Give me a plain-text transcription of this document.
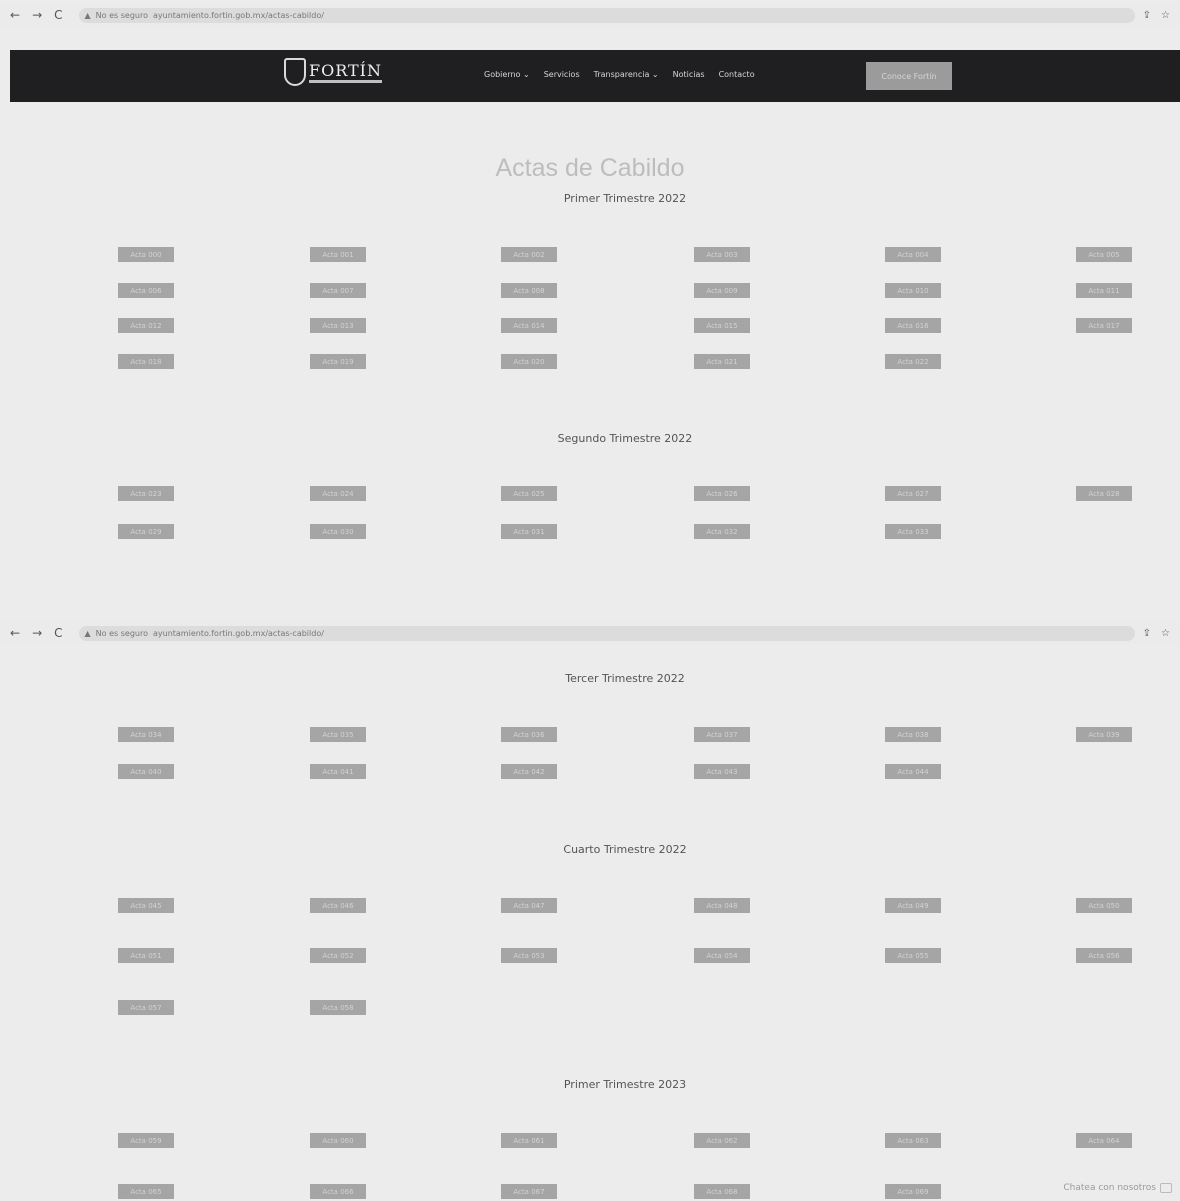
← → C	▲ No es seguro ayuntamiento.fortin.gob.mx/actas-cabildo/	⇪ ☆
FORTÍN	Gobierno ⌄ Servicios Transparencia ⌄ Noticias Contacto	Conoce Fortín
Actas de Cabildo
← → C	▲ No es seguro ayuntamiento.fortin.gob.mx/actas-cabildo/	⇪ ☆
Primer Trimestre 2022
Acta 000	Acta 001	Acta 002	Acta 003	Acta 004	Acta 005
Acta 006	Acta 007	Acta 008	Acta 009	Acta 010	Acta 011
Acta 012	Acta 013	Acta 014	Acta 015	Acta 016	Acta 017
Acta 018	Acta 019	Acta 020	Acta 021	Acta 022
Segundo Trimestre 2022
Acta 023	Acta 024	Acta 025	Acta 026	Acta 027	Acta 028
Acta 029	Acta 030	Acta 031	Acta 032	Acta 033
Tercer Trimestre 2022
Acta 034	Acta 035	Acta 036	Acta 037	Acta 038	Acta 039
Acta 040	Acta 041	Acta 042	Acta 043	Acta 044
Cuarto Trimestre 2022
Acta 045	Acta 046	Acta 047	Acta 048	Acta 049	Acta 050
Acta 051	Acta 052	Acta 053	Acta 054	Acta 055	Acta 056
Acta 057	Acta 058
Primer Trimestre 2023
Acta 059	Acta 060	Acta 061	Acta 062	Acta 063	Acta 064
Acta 065	Acta 066	Acta 067	Acta 068	Acta 069	Chatea con nosotros
